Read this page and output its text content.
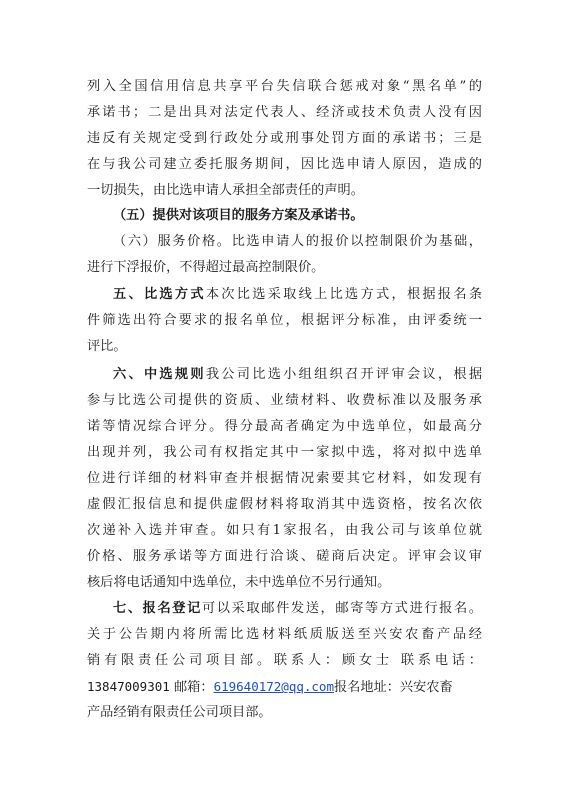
列入全国信用信息共享平台失信联合惩戒对象“黑名单”的
承诺书；二是出具对法定代表人、经济或技术负责人没有因
违反有关规定受到行政处分或刑事处罚方面的承诺书；三是
在与我公司建立委托服务期间，因比选申请人原因，造成的
一切损失，由比选申请人承担全部责任的声明。
（五）提供对该项目的服务方案及承诺书。
（六）服务价格。比选申请人的报价以控制限价为基础，
进行下浮报价，不得超过最高控制限价。
五、比选方式本次比选采取线上比选方式，根据报名条
件筛选出符合要求的报名单位，根据评分标准，由评委统一
评比。
六、中选规则我公司比选小组组织召开评审会议，根据
参与比选公司提供的资质、业绩材料、收费标准以及服务承
诺等情况综合评分。得分最高者确定为中选单位，如最高分
出现并列，我公司有权指定其中一家拟中选，将对拟中选单
位进行详细的材料审查并根据情况索要其它材料，如发现有
虚假汇报信息和提供虚假材料将取消其中选资格，按名次依
次递补入选并审查。如只有1家报名，由我公司与该单位就
价格、服务承诺等方面进行洽谈、磋商后决定。评审会议审
核后将电话通知中选单位，未中选单位不另行通知。
七、报名登记可以采取邮件发送，邮寄等方式进行报名。
关于公告期内将所需比选材料纸质版送至兴安农畜产品经
销有限责任公司项目部。联系人：顾女士 联系电话：
13847009301 邮箱：619640172@qq.com报名地址：兴安农畜
产品经销有限责任公司项目部。
